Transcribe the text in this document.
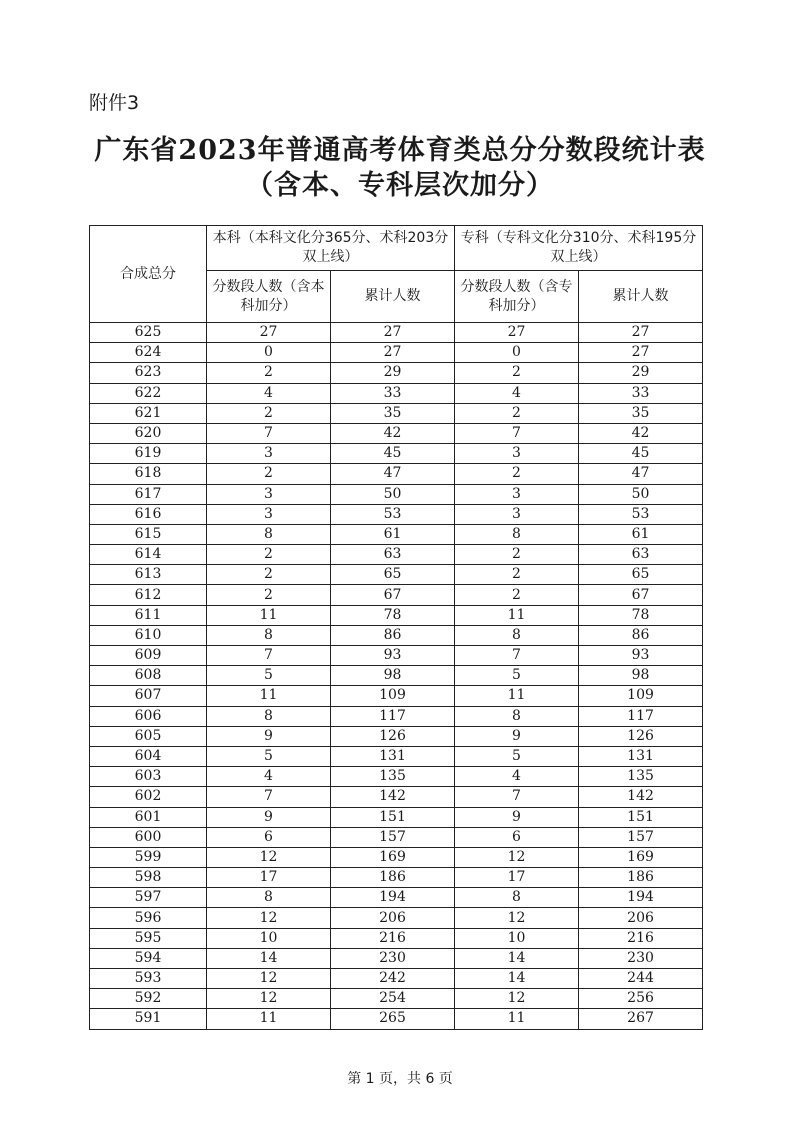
附件3
广东省2023年普通高考体育类总分分数段统计表
（含本、专科层次加分）
合成总分	本科（本科文化分365分、术科203分双上线）		专科（专科文化分310分、术科195分双上线）	
	分数段人数（含本科加分）	累计人数	分数段人数（含专科加分）	累计人数
625	27	27	27	27
624	0	27	0	27
623	2	29	2	29
622	4	33	4	33
621	2	35	2	35
620	7	42	7	42
619	3	45	3	45
618	2	47	2	47
617	3	50	3	50
616	3	53	3	53
615	8	61	8	61
614	2	63	2	63
613	2	65	2	65
612	2	67	2	67
611	11	78	11	78
610	8	86	8	86
609	7	93	7	93
608	5	98	5	98
607	11	109	11	109
606	8	117	8	117
605	9	126	9	126
604	5	131	5	131
603	4	135	4	135
602	7	142	7	142
601	9	151	9	151
600	6	157	6	157
599	12	169	12	169
598	17	186	17	186
597	8	194	8	194
596	12	206	12	206
595	10	216	10	216
594	14	230	14	230
593	12	242	14	244
592	12	254	12	256
591	11	265	11	267
第 1 页，共 6 页
